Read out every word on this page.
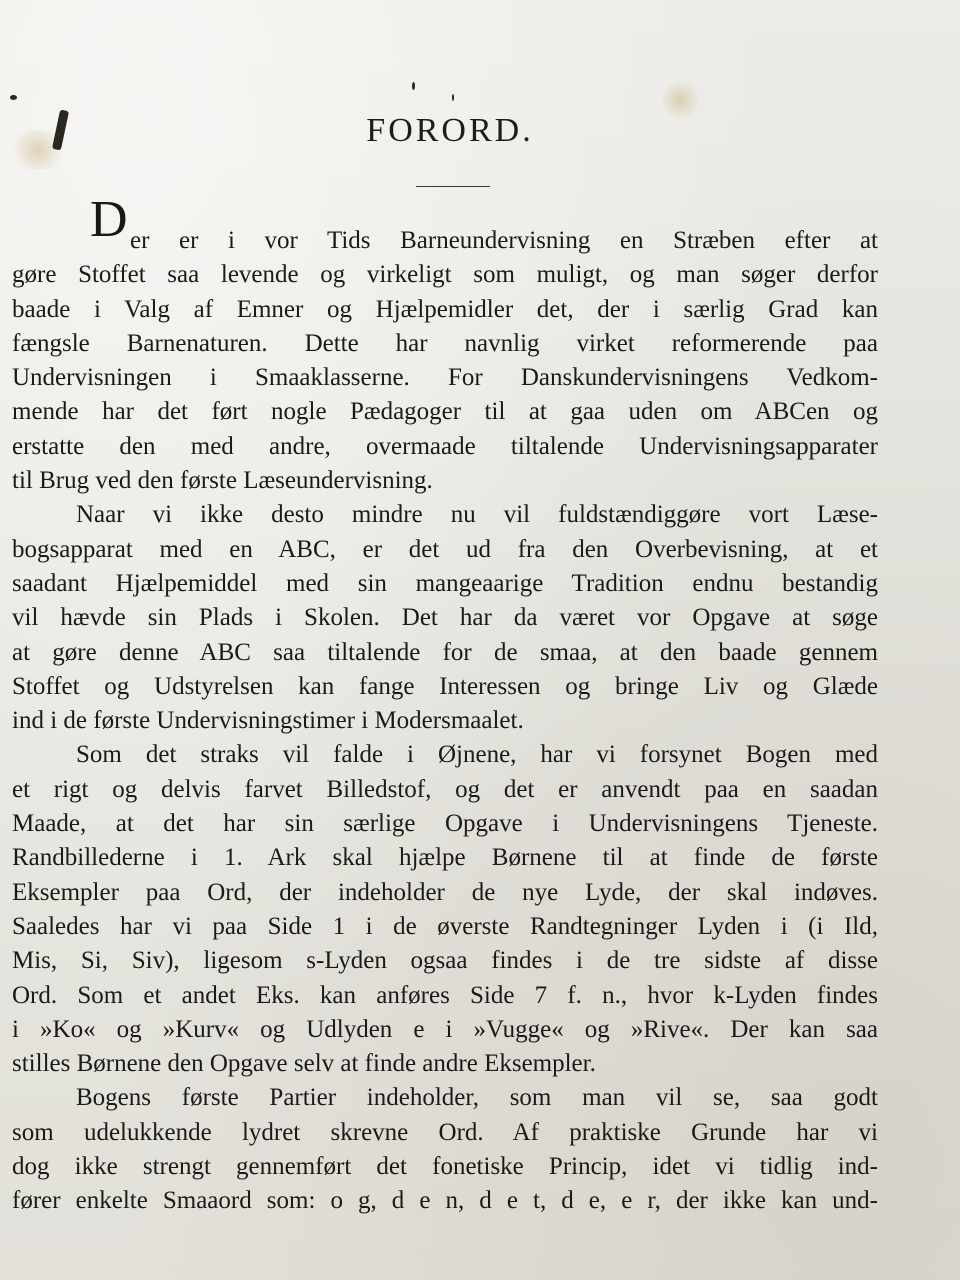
FORORD.
D er er i vor Tids Barneundervisning en Stræben efter at
gøre Stoffet saa levende og virkeligt som muligt, og man søger derfor
baade i Valg af Emner og Hjælpemidler det, der i særlig Grad kan
fængsle Barnenaturen. Dette har navnlig virket reformerende paa
Undervisningen i Smaaklasserne. For Danskundervisningens Vedkom-
mende har det ført nogle Pædagoger til at gaa uden om ABCen og
erstatte den med andre, overmaade tiltalende Undervisningsapparater
til Brug ved den første Læseundervisning.
Naar vi ikke desto mindre nu vil fuldstændiggøre vort Læse-
bogsapparat med en ABC, er det ud fra den Overbevisning, at et
saadant Hjælpemiddel med sin mangeaarige Tradition endnu bestandig
vil hævde sin Plads i Skolen. Det har da været vor Opgave at søge
at gøre denne ABC saa tiltalende for de smaa, at den baade gennem
Stoffet og Udstyrelsen kan fange Interessen og bringe Liv og Glæde
ind i de første Undervisningstimer i Modersmaalet.
Som det straks vil falde i Øjnene, har vi forsynet Bogen med
et rigt og delvis farvet Billedstof, og det er anvendt paa en saadan
Maade, at det har sin særlige Opgave i Undervisningens Tjeneste.
Randbillederne i 1. Ark skal hjælpe Børnene til at finde de første
Eksempler paa Ord, der indeholder de nye Lyde, der skal indøves.
Saaledes har vi paa Side 1 i de øverste Randtegninger Lyden i (i Ild,
Mis, Si, Siv), ligesom s-Lyden ogsaa findes i de tre sidste af disse
Ord. Som et andet Eks. kan anføres Side 7 f. n., hvor k-Lyden findes
i »Ko« og »Kurv« og Udlyden e i »Vugge« og »Rive«. Der kan saa
stilles Børnene den Opgave selv at finde andre Eksempler.
Bogens første Partier indeholder, som man vil se, saa godt
som udelukkende lydret skrevne Ord. Af praktiske Grunde har vi
dog ikke strengt gennemført det fonetiske Princip, idet vi tidlig ind-
fører enkelte Smaaord som: o g, d e n, d e t, d e, e r, der ikke kan und-
